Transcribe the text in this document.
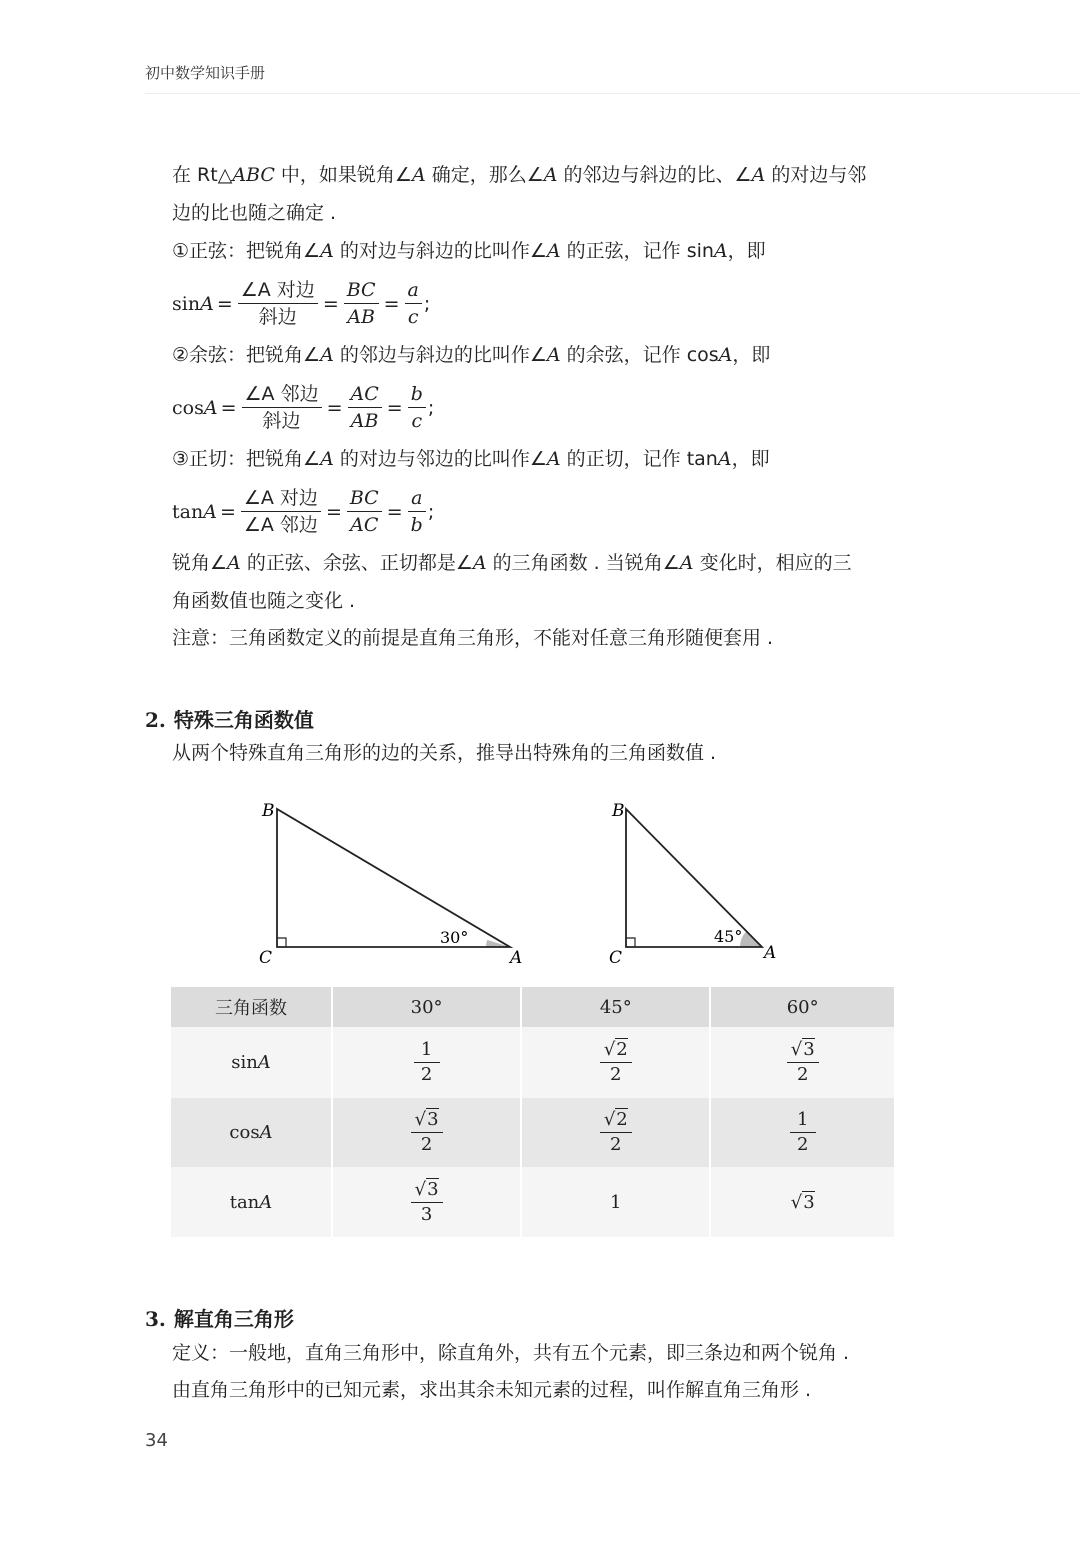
初中数学知识手册
在 Rt△ABC 中，如果锐角∠A 确定，那么∠A 的邻边与斜边的比、∠A 的对边与邻
边的比也随之确定 .
①正弦：把锐角∠A 的对边与斜边的比叫作∠A 的正弦，记作 sinA，即
$\sin A = \frac{\text{∠A 对边}}{\text{斜边}} = \frac{BC}{AB} = \frac{a}{c}$ ;
②余弦：把锐角∠A 的邻边与斜边的比叫作∠A 的余弦，记作 cosA，即
$\cos A = \frac{\text{∠A 邻边}}{\text{斜边}} = \frac{AC}{AB} = \frac{b}{c}$ ;
③正切：把锐角∠A 的对边与邻边的比叫作∠A 的正切，记作 tanA，即
$\tan A = \frac{\text{∠A 对边}}{\text{∠A 邻边}} = \frac{BC}{AC} = \frac{a}{b}$ ;
锐角∠A 的正弦、余弦、正切都是∠A 的三角函数 . 当锐角∠A 变化时，相应的三
角函数值也随之变化 .
注意：三角函数定义的前提是直角三角形，不能对任意三角形随便套用 .
2. 特殊三角函数值
从两个特殊直角三角形的边的关系，推导出特殊角的三角函数值 .
B
C	A
30°
B
C	A
45°
三角函数	30°	45°	60°
sinA	$\frac{1}{2}$	$\frac{√2}{2}$	$\frac{√3}{2}$

cosA	$\frac{√3}{2}$	$\frac{√2}{2}$	$\frac{1}{2}$

tanA	$\frac{√3}{3}$	1	√3
3. 解直角三角形
定义：一般地，直角三角形中，除直角外，共有五个元素，即三条边和两个锐角 .
由直角三角形中的已知元素，求出其余未知元素的过程，叫作解直角三角形 .
34
